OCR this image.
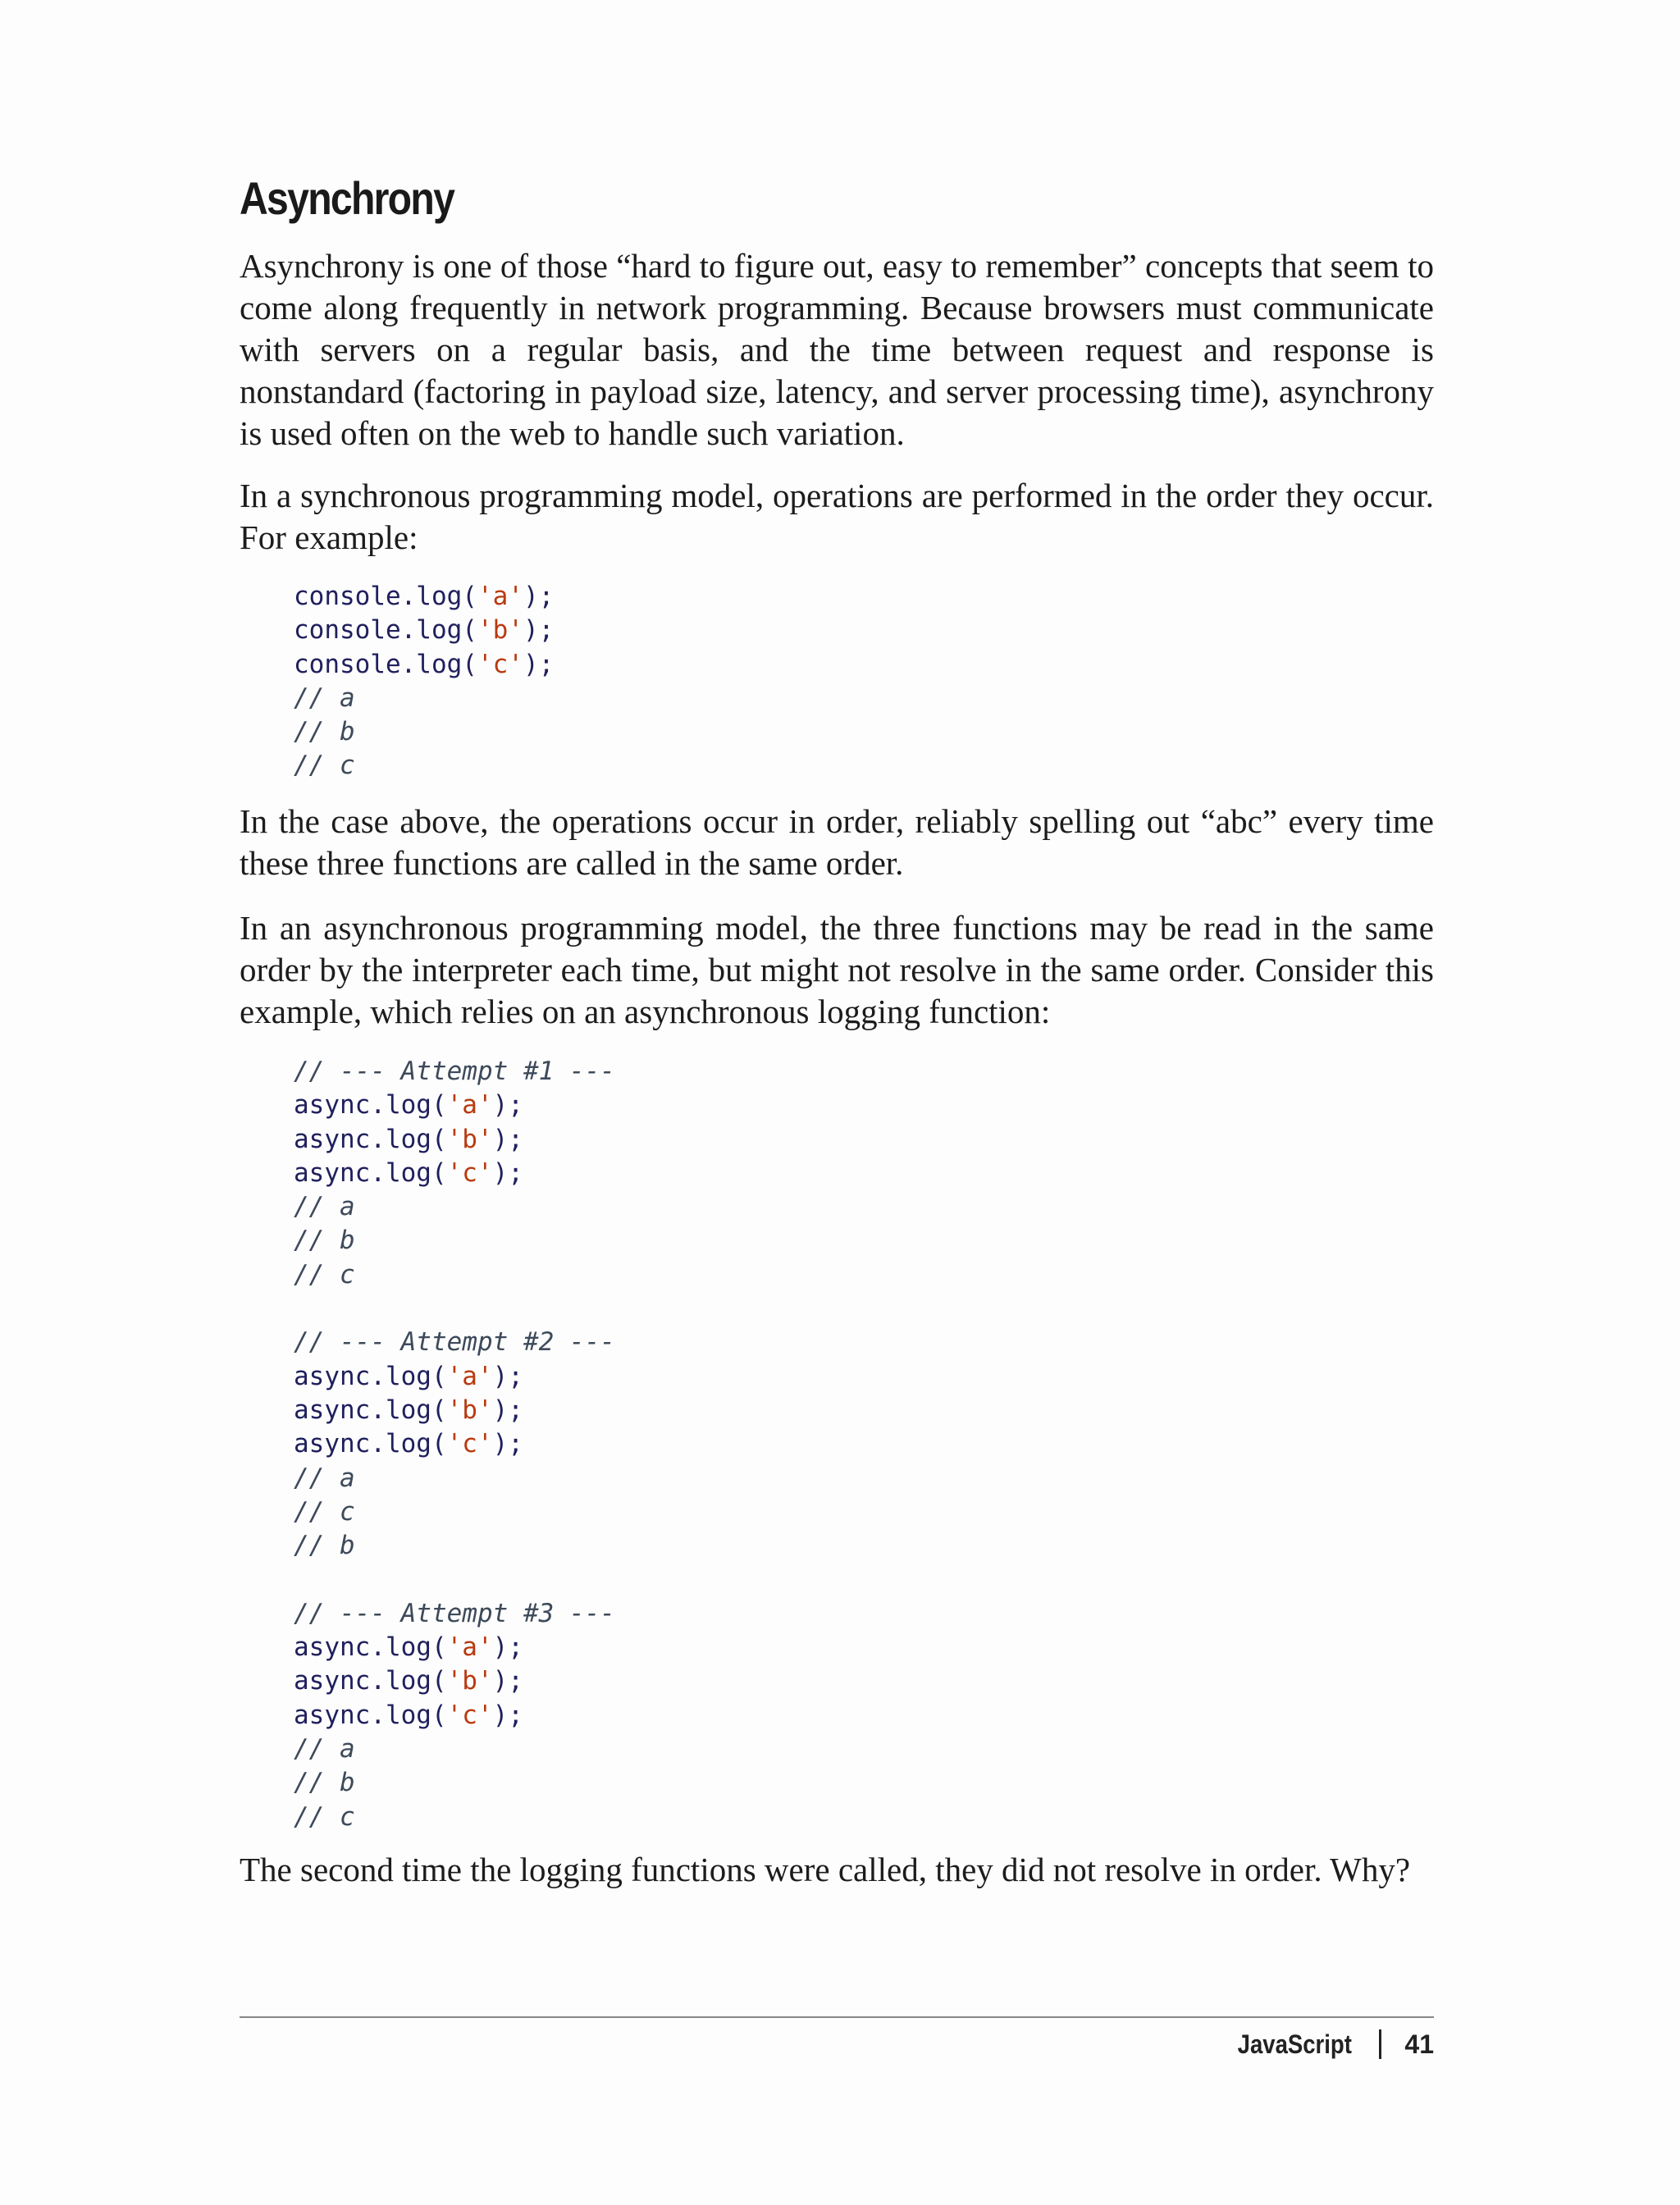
Asynchrony

Asynchrony is one of those “hard to figure out, easy to remember” concepts that seem to come along frequently in network programming. Because browsers must communicate with servers on a regular basis, and the time between request and response is nonstandard (factoring in payload size, latency, and server processing time), asynchrony is used often on the web to handle such variation.

In a synchronous programming model, operations are performed in the order they occur. For example:

console.log('a');
console.log('b');
console.log('c');
// a
// b
// c

In the case above, the operations occur in order, reliably spelling out “abc” every time these three functions are called in the same order.

In an asynchronous programming model, the three functions may be read in the same order by the interpreter each time, but might not resolve in the same order. Consider this example, which relies on an asynchronous logging function:

// --- Attempt #1 ---
async.log('a');
async.log('b');
async.log('c');
// a
// b
// c
// --- Attempt #2 ---
async.log('a');
async.log('b');
async.log('c');
// a
// c
// b
// --- Attempt #3 ---
async.log('a');
async.log('b');
async.log('c');
// a
// b
// c

The second time the logging functions were called, they did not resolve in order. Why?

JavaScript 41
